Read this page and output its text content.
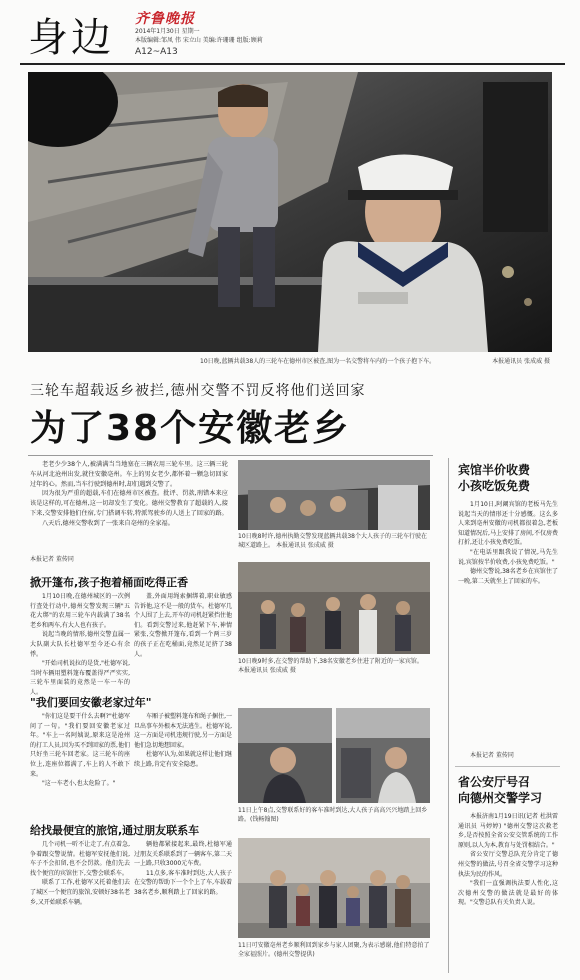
身边 齐鲁晚报
2014年1月30日 星期一
本版编辑:邹凤 伟 宋立山 美编:许珊珊 组版:顾莉
A12~A13
10日晚,蓝辆共载38人的三轮车在德州市区被查,图为一名交警将车内的一个孩子抱下车。	本报通讯员 张成威 摄
三轮车超载返乡被拦,德州交警不罚反将他们送回家
为了38个安徽老乡

老老少少38个人,被满满当当地塞在三辆农用三轮车里。这三辆三轮车从河北沧州出发,就往安徽亳州。车上的男女老少,都怀着一颗急切回家过年的心。然而,当车行驶到德州时,却们遇到交警了。

因为很为严重的超载,车们在德州市区被查。批评、罚款,刑错本来应该是这样的,可在德州,这一切却发生了变化。德州交警教育了超载的人,接下来,交警安排他们住宿,专门搭调车转,特派驾驶乡的人送上了回家的路。

八天后,德州交警收到了一张来自亳州的全家福。

本报记者 董传同
10日晚8时许,德州执勤交警发现蓝辆共载38个大人孩子的三轮车行驶在城区道路上。 本报通讯员 张成威 摄
10日晚9时多,在交警的帮助下,38名安徽老乡住进了附近的一家宾馆。 本报通讯员 张成威 摄
11日上午8点,交警联系好的客车准时到达,大人孩子高高兴兴地踏上回乡路。(钱畅翰图)
11日可安徽亳州老乡顺利回到家乡与家人团聚,为表示感谢,他们特意拍了全家福照片。(德州交警提供)
掀开篷布,孩子抱着桶面吃得正香

1月10日晚,在德州城区的一次例行查处行动中,德州交警发现三辆"五花大绑"的农用三轮车内载满了38名老乡和两车,有大人也有孩子。

说起当晚的情形,德州交警直属一大队副大队长杜德军至今还心有余悸。

"开始司机说拉的是货,"杜德军说,当时车辆用塑料篷布覆盖得严严实实,三轮车里面装的竟然是一车一车的人。

盖,外面用绳索捆绑着,职业敏感告诉他,这不是一般的货车。杜德军几个人围了上去,开车的司机赶紧挡住他们。看到交警过来,他赶紧下车,神情紧张,交警掀开篷布,看到一个两三岁的孩子正在吃桶面,竟然足足挤了38人。

"我们要回安徽老家过年"

"你们这是要干什么去啊?"杜德军问了一句。"我们要回安徽老家过年。"车上一名阿姨说,原来这是沧州的打工人员,因为买不到回家的票,他们只好坐三轮车回老家。这三轮车的座位上,连座位都满了,车上的人不敢下来。

"这一车老小,也太危险了。"

车厢子被塑料篷布和绳子捆住,一旦出事车外根本无法逃生。杜德军说,这一方面是司机违规行驶,另一方面是他们急切地想回家。

杜德军认为,如果就这样让他们继续上路,肯定有安全隐患。

给找最便宜的旅馆,通过朋友联系车

几个司机一听不让走了,有点着急,争着跟交警说情。杜德军安抚他们说,车子不会扣留,也不会罚款。他们先去找个便宜的宾馆住下,交警会联系车。

联系了工作,杜德军又托着他们去了城区一个便宜的旅馆,安顿好38名老乡,又开始联系车辆。

辆他都紧接起来,最终,杜德军通过朋友关系联系到了一辆客车,第二天一上路,只收3000元车费。

11点多,客车准时到达,大人孩子在交警的帮助下一个个上了车,车载着38名老乡,顺利踏上了回家的路。

宾馆半价收费
小孩吃饭免费

1月10日,阿阚宾馆的老板马先生说起当天的情形还十分感慨。这么多人来到亳州安徽的司机都很着急,老板知道情况后,马上安排了房间,不仅房费打折,还让小孩免费吃饭。

"在电话里跟我说了情况,马先生说,宾馆按半价收费,小孩免费吃饭。"

德州交警说,38名老乡在宾馆住了一晚,第二天就坐上了回家的车。

本报记者 董传同
省公安厅号召
向德州交警学习

本报济南1月19日讯(记者 杜洪雷 通讯员 马婷婷) "德州交警这次救老乡,是否按照全省公安交管系统的工作原则,以人为本,教育与处罚相结合。"

省公安厅交警总队充分肯定了德州交警的做法,号召全省交警学习这种执法为民的作风。

"我们一直强调执法要人性化,这次德州交警的做法就是最好的体现。"交警总队有关负责人说。
